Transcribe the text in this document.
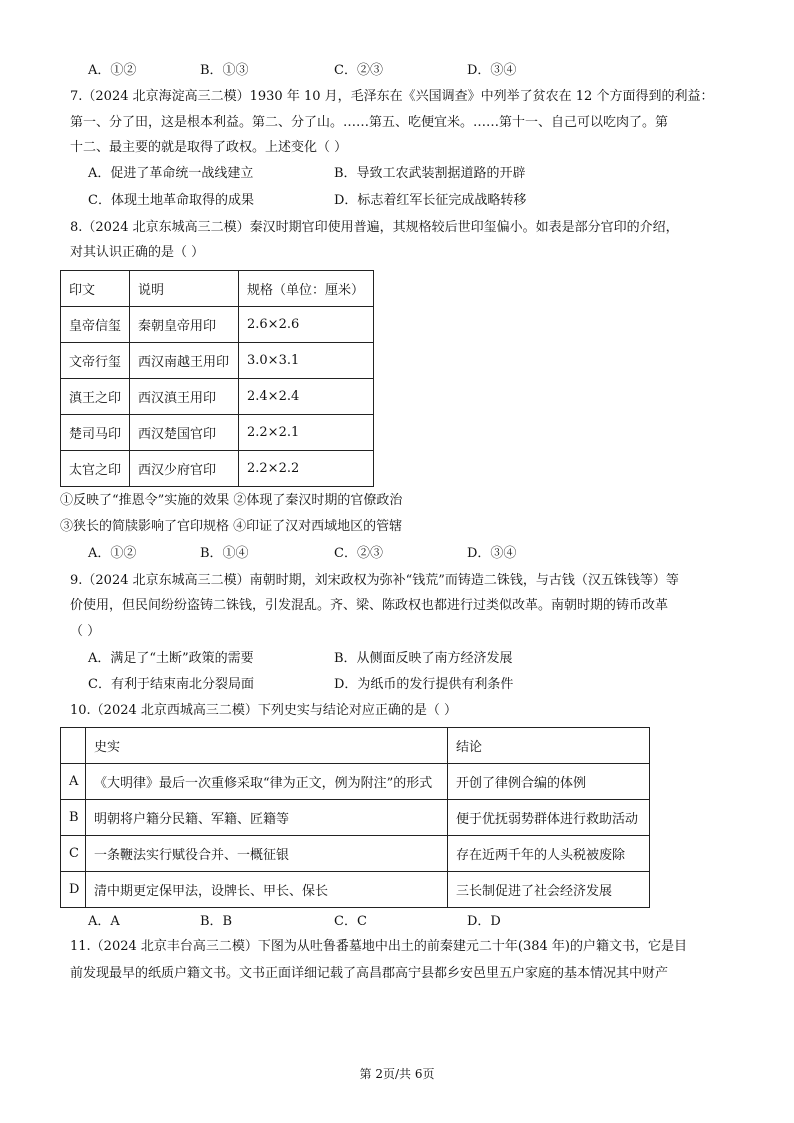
A．①②	B．①③	C．②③	D．③④
7.（2024 北京海淀高三二模）1930 年 10 月，毛泽东在《兴国调查》中列举了贫农在 12 个方面得到的利益：
第一、分了田，这是根本利益。第二、分了山。……第五、吃便宜米。……第十一、自己可以吃肉了。第
十二、最主要的就是取得了政权。上述变化（ ）
A．促进了革命统一战线建立	B．导致工农武装割据道路的开辟
C．体现土地革命取得的成果	D．标志着红军长征完成战略转移
8.（2024 北京东城高三二模）秦汉时期官印使用普遍，其规格较后世印玺偏小。如表是部分官印的介绍，
对其认识正确的是（ ）
印文	说明	规格（单位：厘米）
皇帝信玺	秦朝皇帝用印	2.6×2.6
文帝行玺	西汉南越王用印	3.0×3.1
滇王之印	西汉滇王用印	2.4×2.4
楚司马印	西汉楚国官印	2.2×2.1
太官之印	西汉少府官印	2.2×2.2
①反映了“推恩令”实施的效果 ②体现了秦汉时期的官僚政治
③狭长的简牍影响了官印规格 ④印证了汉对西域地区的管辖
A．①②	B．①④	C．②③	D．③④
9.（2024 北京东城高三二模）南朝时期，刘宋政权为弥补“钱荒”而铸造二铢钱，与古钱（汉五铢钱等）等
价使用，但民间纷纷盗铸二铢钱，引发混乱。齐、梁、陈政权也都进行过类似改革。南朝时期的铸币改革
（ ）
A．满足了“土断”政策的需要	B．从侧面反映了南方经济发展
C．有利于结束南北分裂局面	D．为纸币的发行提供有利条件
10.（2024 北京西城高三二模）下列史实与结论对应正确的是（ ）
	史实	结论
A	《大明律》最后一次重修采取“律为正文，例为附注”的形式	开创了律例合编的体例
B	明朝将户籍分民籍、军籍、匠籍等	便于优抚弱势群体进行救助活动
C	一条鞭法实行赋役合并、一概征银	存在近两千年的人头税被废除
D	清中期更定保甲法，设牌长、甲长、保长	三长制促进了社会经济发展
A．A	B．B	C．C	D．D
11.（2024 北京丰台高三二模）下图为从吐鲁番墓地中出土的前秦建元二十年(384 年)的户籍文书，它是目
前发现最早的纸质户籍文书。文书正面详细记载了高昌郡高宁县都乡安邑里五户家庭的基本情况其中财产
第 2页/共 6页
